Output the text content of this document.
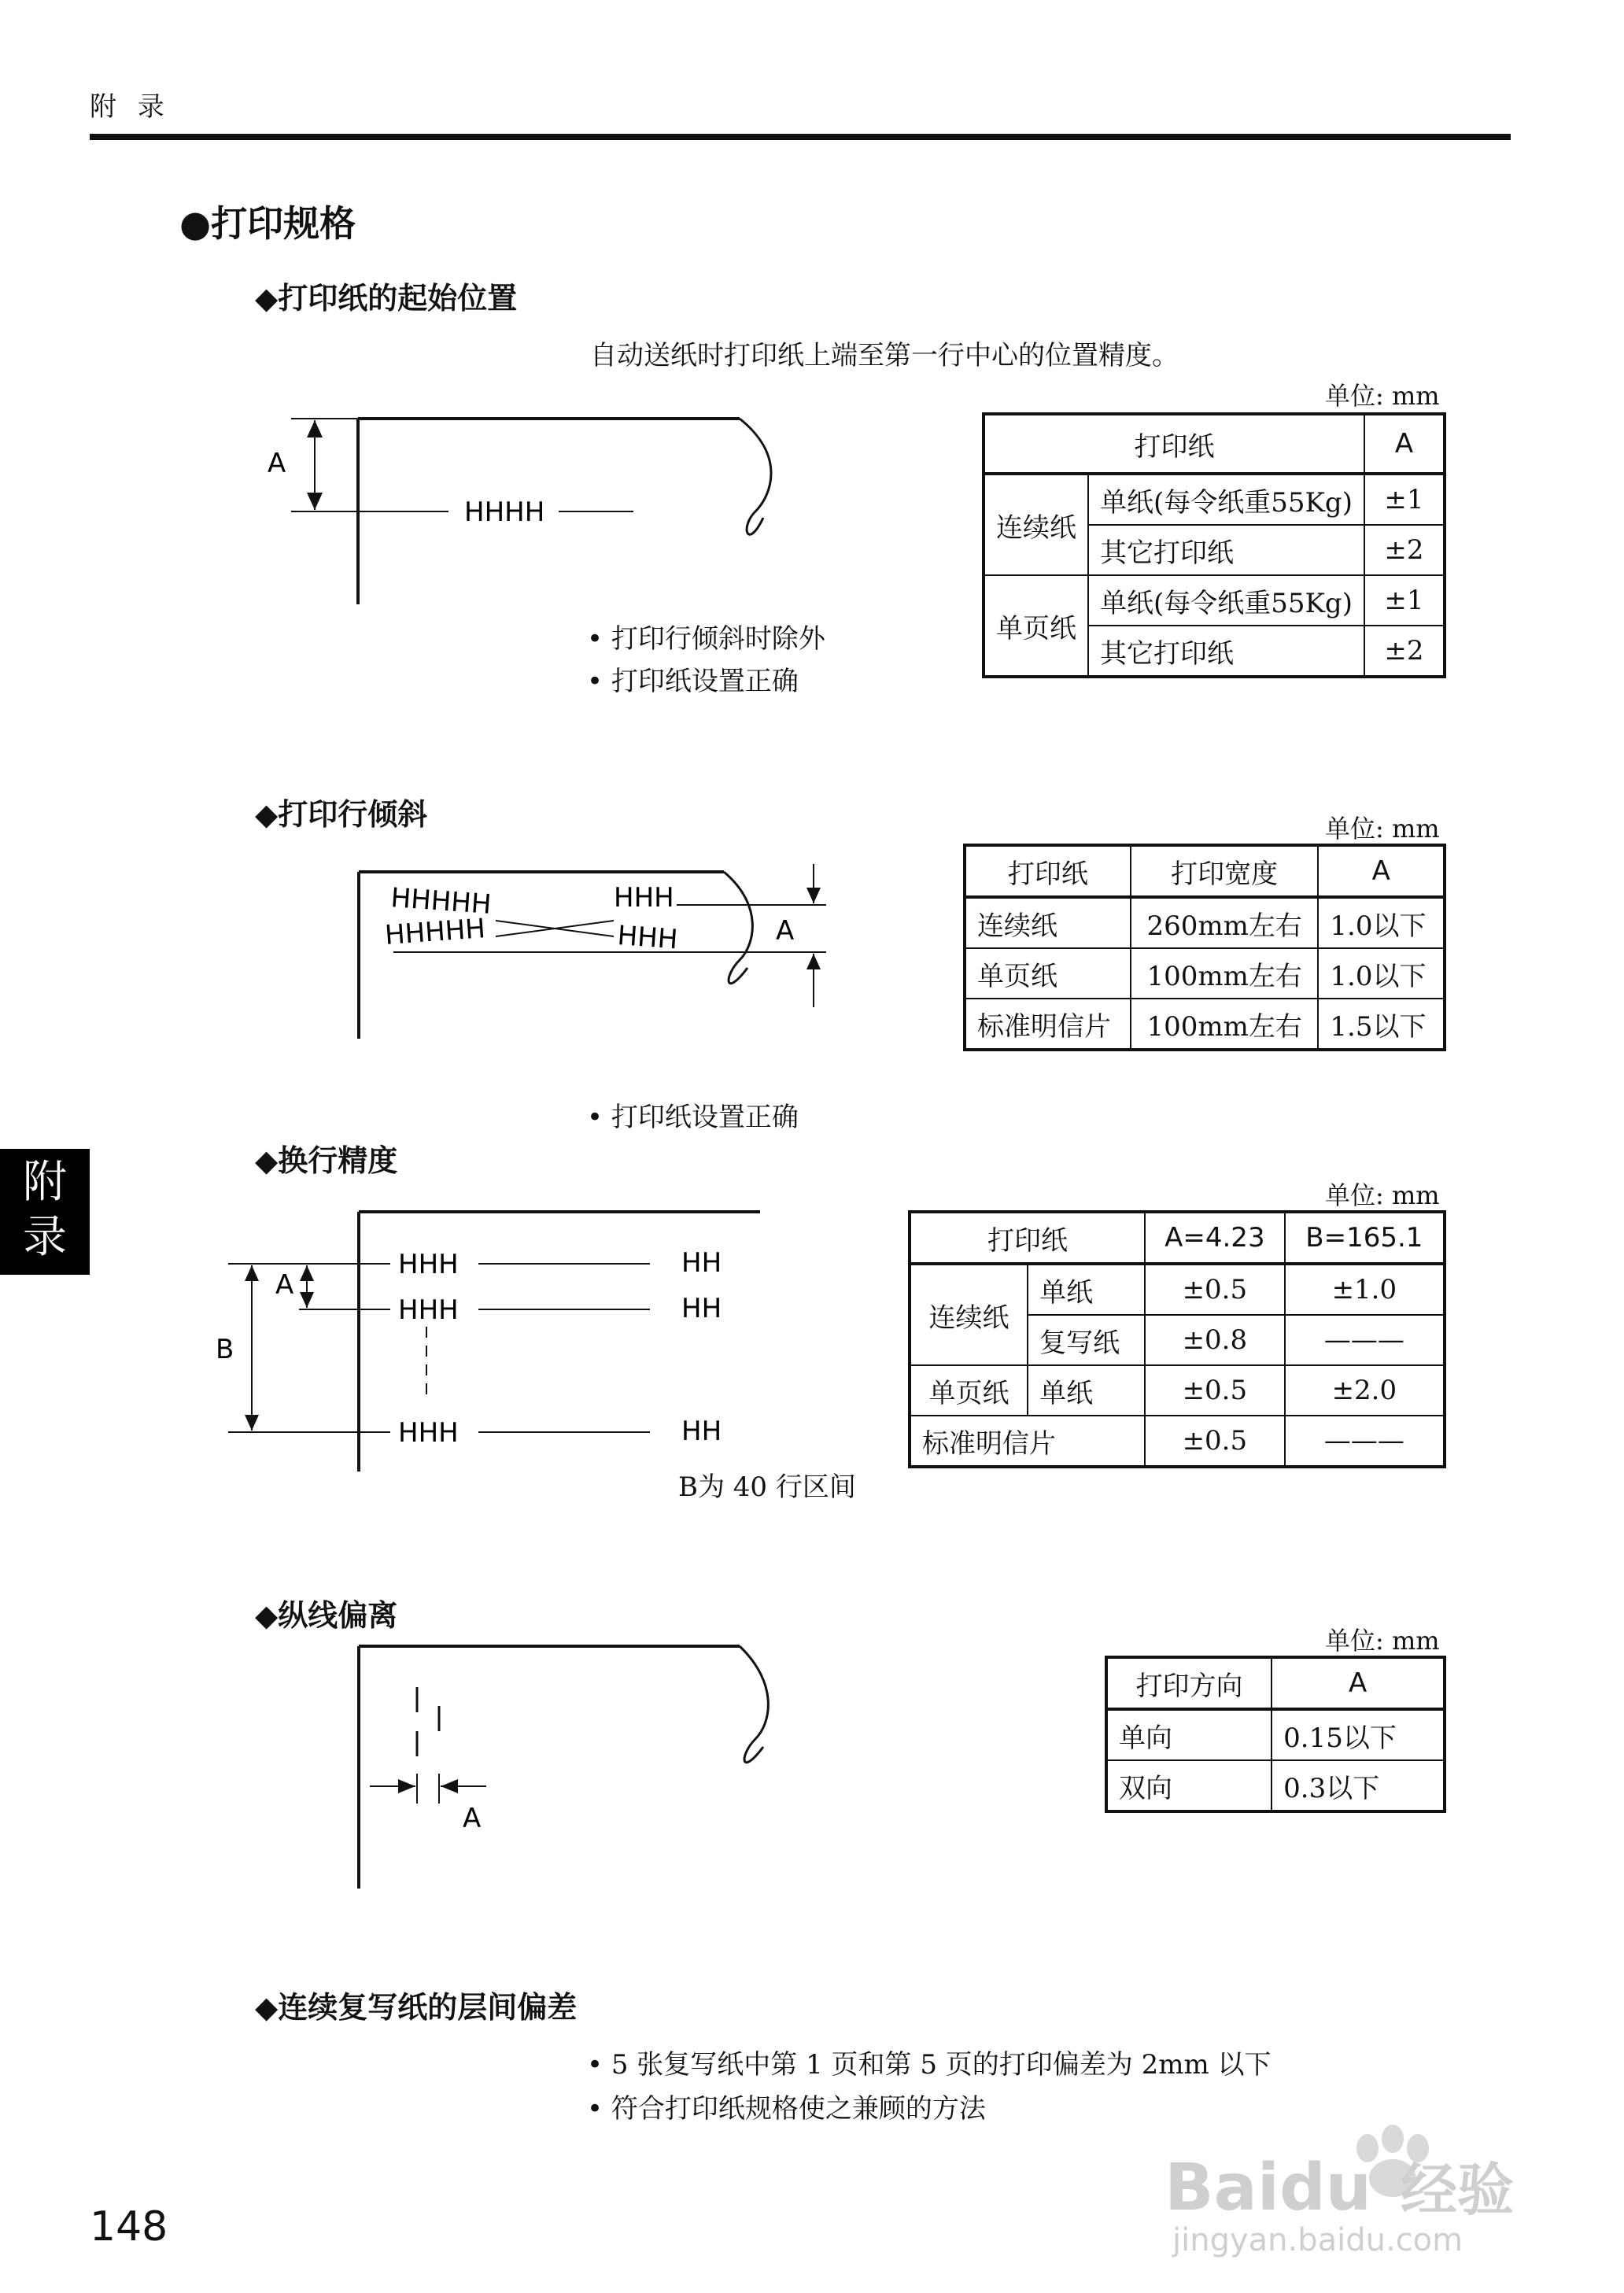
附 录
●打印规格
附
录
◆打印纸的起始位置
自动送纸时打印纸上端至第一行中心的位置精度。
单位: mm
A
HHHH
• 打印行倾斜时除外
• 打印纸设置正确
打印纸		A
连续纸	单纸(每令纸重55Kg)	±1
	其它打印纸	±2
单页纸	单纸(每令纸重55Kg)	±1
	其它打印纸	±2
◆打印行倾斜	单位: mm
HHHHH	HHH
HHHHH	HHH	A
• 打印纸设置正确
打印纸	打印宽度	A
连续纸	260mm左右	1.0以下
单页纸	100mm左右	1.0以下
标准明信片	100mm左右	1.5以下
◆换行精度
单位: mm
HHH	HH
HHH	HH
HHH	HH
A
B
B为 40 行区间
打印纸		A=4.23	B=165.1
连续纸	单纸	±0.5	±1.0
	复写纸	±0.8	———
单页纸	单纸	±0.5	±2.0
标准明信片		±0.5	———
◆纵线偏离
单位: mm
A
打印方向	A
单向	0.15以下
双向	0.3以下
◆连续复写纸的层间偏差
• 5 张复写纸中第 1 页和第 5 页的打印偏差为 2mm 以下
• 符合打印纸规格使之兼顾的方法
148
Baidu 经验
jingyan.baidu.com
